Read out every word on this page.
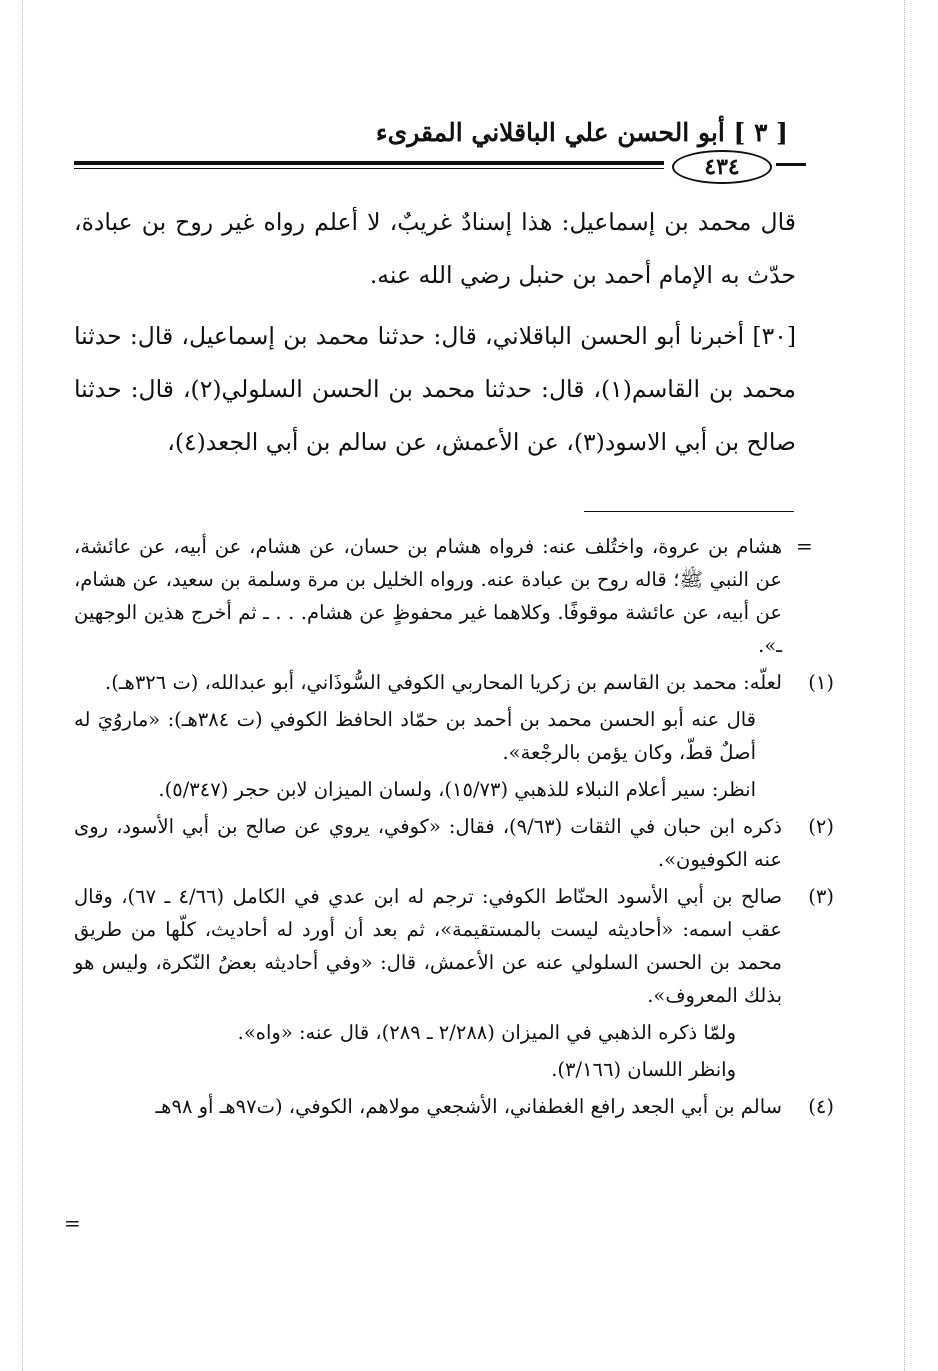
[ ٣ ] أبو الحسن علي الباقلاني المقرىء
٤٣٤

قال محمد بن إسماعيل: هذا إسنادٌ غريبٌ، لا أعلم رواه غير روح بن عبادة، حدّث به الإمام أحمد بن حنبل رضي الله عنه.

[٣٠] أخبرنا أبو الحسن الباقلاني، قال: حدثنا محمد بن إسماعيل، قال: حدثنا محمد بن القاسم(١)، قال: حدثنا محمد بن الحسن السلولي(٢)، قال: حدثنا صالح بن أبي الاسود(٣)، عن الأعمش، عن سالم بن أبي الجعد(٤)،

=
هشام بن عروة، واختُلف عنه: فرواه هشام بن حسان، عن هشام، عن أبيه، عن عائشة، عن النبي ﷺ؛ قاله روح بن عبادة عنه. ورواه الخليل بن مرة وسلمة بن سعيد، عن هشام، عن أبيه، عن عائشة موقوفًا. وكلاهما غير محفوظٍ عن هشام. . . ـ ثم أخرج هذين الوجهين ـ».
(١)
لعلّه: محمد بن القاسم بن زكريا المحاربي الكوفي السُّوذَاني، أبو عبدالله، (ت ٣٢٦هـ).
قال عنه أبو الحسن محمد بن أحمد بن حمّاد الحافظ الكوفي (ت ٣٨٤هـ): «ماروُيَ له أصلٌ قطّ، وكان يؤمن بالرجْعة».
انظر: سير أعلام النبلاء للذهبي (١٥/٧٣)، ولسان الميزان لابن حجر (٥/٣٤٧).
(٢)
ذكره ابن حبان في الثقات (٩/٦٣)، فقال: «كوفي، يروي عن صالح بن أبي الأسود، روى عنه الكوفيون».
(٣)
صالح بن أبي الأسود الحنّاط الكوفي: ترجم له ابن عدي في الكامل (٤/٦٦ ـ ٦٧)، وقال عقب اسمه: «أحاديثه ليست بالمستقيمة»، ثم بعد أن أورد له أحاديث، كلّها من طريق محمد بن الحسن السلولي عنه عن الأعمش، قال: «وفي أحاديثه بعضُ النّكرة، وليس هو بذلك المعروف».
ولمّا ذكره الذهبي في الميزان (٢/٢٨٨ ـ ٢٨٩)، قال عنه: «واه».
وانظر اللسان (٣/١٦٦).
(٤)
سالم بن أبي الجعد رافع الغطفاني، الأشجعي مولاهم، الكوفي، (ت٩٧هـ أو ٩٨هـ
=
